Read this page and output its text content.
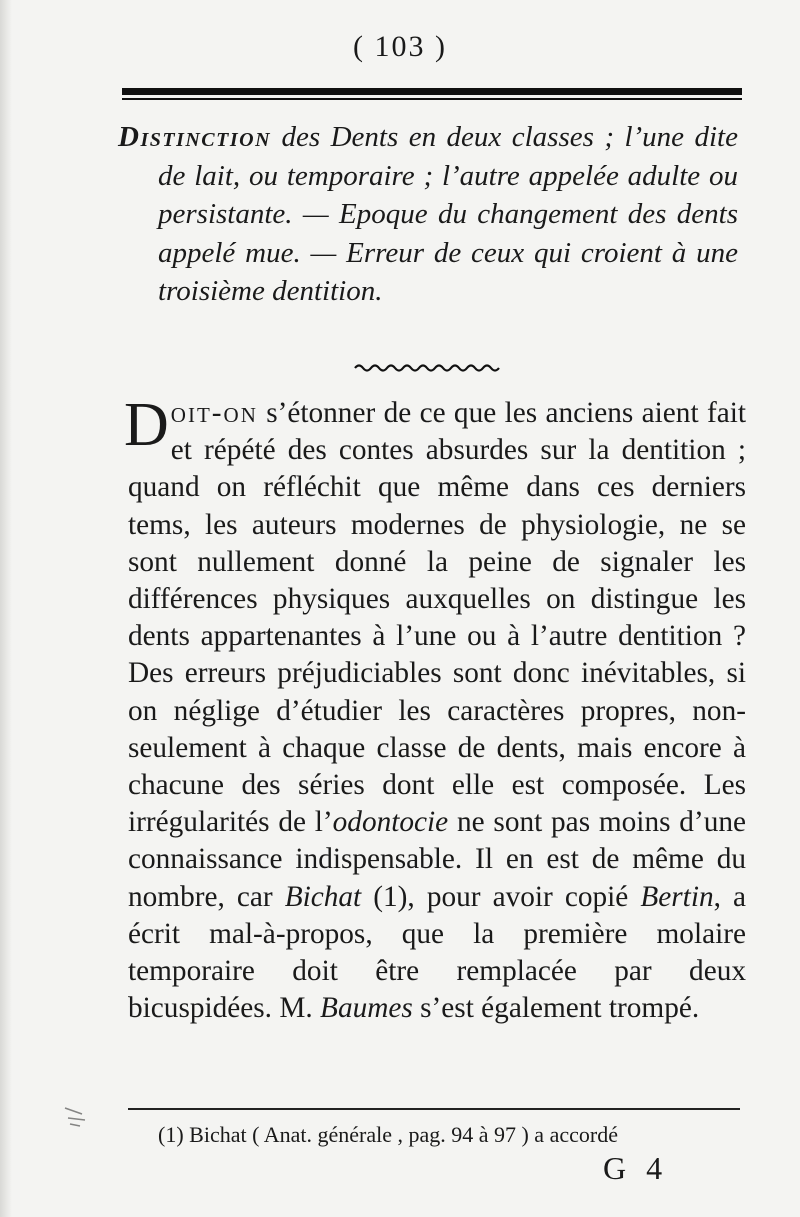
( 103 )
Distinction des Dents en deux classes ; l’une dite de lait, ou temporaire ; l’autre appelée adulte ou persistante. — Epoque du changement des dents appelé mue. — Erreur de ceux qui croient à une troisième dentition.
Doit-on s’étonner de ce que les anciens aient fait et répété des contes absurdes sur la dentition ; quand on réfléchit que même dans ces derniers tems, les auteurs modernes de physiologie, ne se sont nullement donné la peine de signaler les différences physiques auxquelles on distingue les dents appartenantes à l’une ou à l’autre dentition ? Des erreurs préjudiciables sont donc inévitables, si on néglige d’étudier les caractères propres, non-seulement à chaque classe de dents, mais encore à chacune des séries dont elle est composée. Les irrégularités de l’odontocie ne sont pas moins d’une connaissance indispensable. Il en est de même du nombre, car Bichat (1), pour avoir copié Bertin, a écrit mal-à-propos, que la première molaire temporaire doit être remplacée par deux bicuspidées. M. Baumes s’est également trompé.
(1) Bichat ( Anat. générale , pag. 94 à 97 ) a accordé
G 4
